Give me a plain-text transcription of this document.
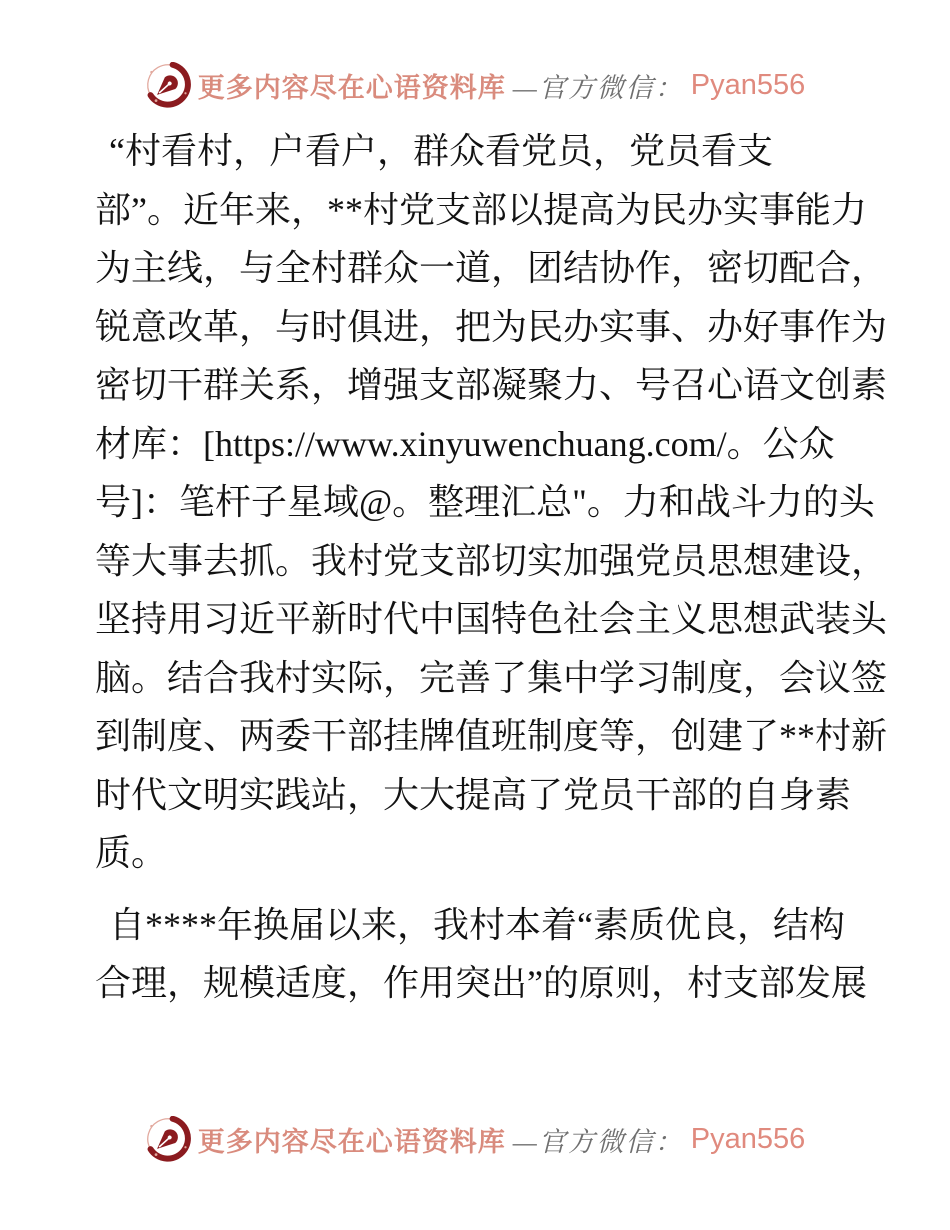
更多内容尽在心语资料库 —官方微信： Pyan556

“村看村，户看户，群众看党员，党员看支
部”。近年来，**村党支部以提高为民办实事能力
为主线，与全村群众一道，团结协作，密切配合，
锐意改革，与时俱进，把为民办实事、办好事作为
密切干群关系，增强支部凝聚力、号召心语文创素
材库：[https://www.xinyuwenchuang.com/。公众
号]：笔杆子星域@。整理汇总"。力和战斗力的头
等大事去抓。我村党支部切实加强党员思想建设，
坚持用习近平新时代中国特色社会主义思想武装头
脑。结合我村实际，完善了集中学习制度，会议签
到制度、两委干部挂牌值班制度等，创建了**村新
时代文明实践站，大大提高了党员干部的自身素
质。

自****年换届以来，我村本着“素质优良，结构
合理，规模适度，作用突出”的原则，村支部发展

更多内容尽在心语资料库 —官方微信： Pyan556
